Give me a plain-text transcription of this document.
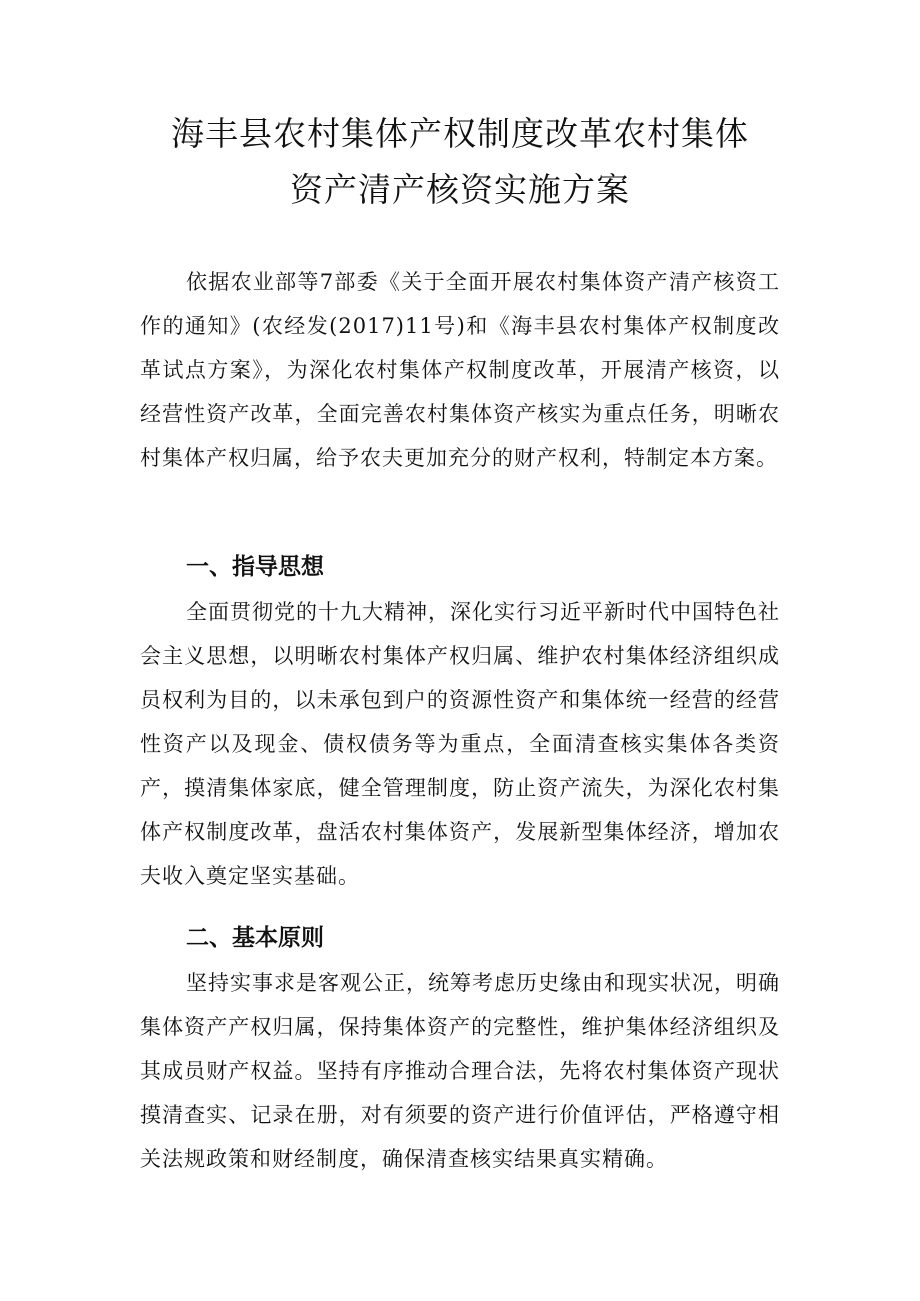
海丰县农村集体产权制度改革农村集体
资产清产核资实施方案
依据农业部等7部委《关于全面开展农村集体资产清产核资工作的通知》(农经发(2017)11号)和《海丰县农村集体产权制度改革试点方案》，为深化农村集体产权制度改革，开展清产核资，以经营性资产改革，全面完善农村集体资产核实为重点任务，明晰农村集体产权归属，给予农夫更加充分的财产权利，特制定本方案。
一、指导思想
全面贯彻党的十九大精神，深化实行习近平新时代中国特色社会主义思想，以明晰农村集体产权归属、维护农村集体经济组织成员权利为目的，以未承包到户的资源性资产和集体统一经营的经营性资产以及现金、债权债务等为重点，全面清查核实集体各类资产，摸清集体家底，健全管理制度，防止资产流失，为深化农村集体产权制度改革，盘活农村集体资产，发展新型集体经济，增加农夫收入奠定坚实基础。
二、基本原则
坚持实事求是客观公正，统筹考虑历史缘由和现实状况，明确集体资产产权归属，保持集体资产的完整性，维护集体经济组织及其成员财产权益。坚持有序推动合理合法，先将农村集体资产现状摸清查实、记录在册，对有须要的资产进行价值评估，严格遵守相关法规政策和财经制度，确保清查核实结果真实精确。
